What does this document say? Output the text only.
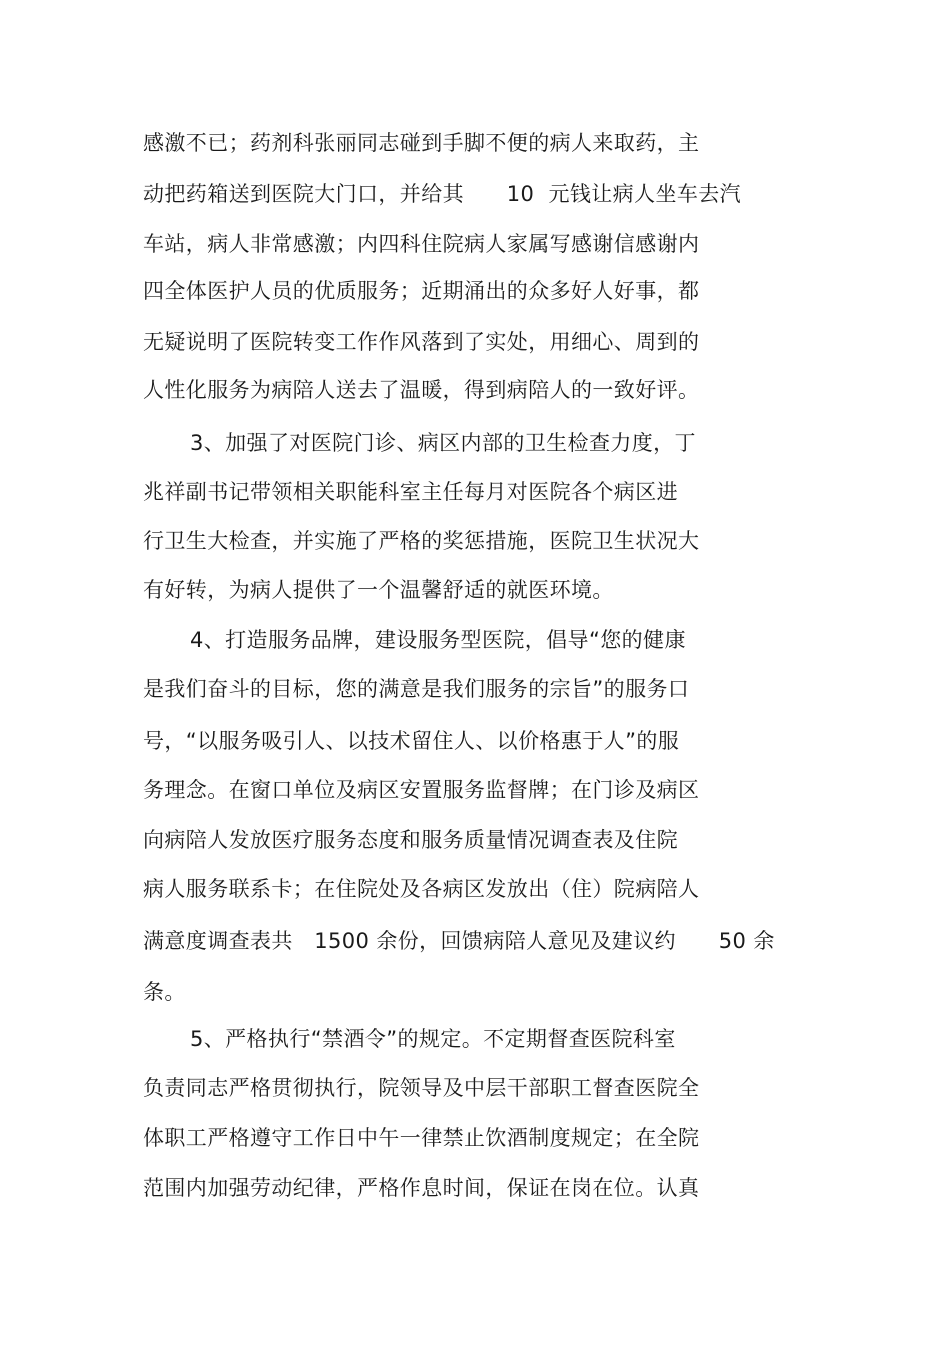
感激不已；药剂科张丽同志碰到手脚不便的病人来取药，主
动把药箱送到医院大门口，并给其　　10  元钱让病人坐车去汽
车站，病人非常感激；内四科住院病人家属写感谢信感谢内
四全体医护人员的优质服务；近期涌出的众多好人好事，都
无疑说明了医院转变工作作风落到了实处，用细心、周到的
人性化服务为病陪人送去了温暖，得到病陪人的一致好评。
3、加强了对医院门诊、病区内部的卫生检查力度，丁
兆祥副书记带领相关职能科室主任每月对医院各个病区进
行卫生大检查，并实施了严格的奖惩措施，医院卫生状况大
有好转，为病人提供了一个温馨舒适的就医环境。
4、打造服务品牌，建设服务型医院，倡导“您的健康
是我们奋斗的目标，您的满意是我们服务的宗旨”的服务口
号，“以服务吸引人、以技术留住人、以价格惠于人”的服
务理念。在窗口单位及病区安置服务监督牌；在门诊及病区
向病陪人发放医疗服务态度和服务质量情况调查表及住院
病人服务联系卡；在住院处及各病区发放出（住）院病陪人
满意度调查表共　1500 余份，回馈病陪人意见及建议约　　50 余
条。
5、严格执行“禁酒令”的规定。不定期督查医院科室
负责同志严格贯彻执行，院领导及中层干部职工督查医院全
体职工严格遵守工作日中午一律禁止饮酒制度规定；在全院
范围内加强劳动纪律，严格作息时间，保证在岗在位。认真
